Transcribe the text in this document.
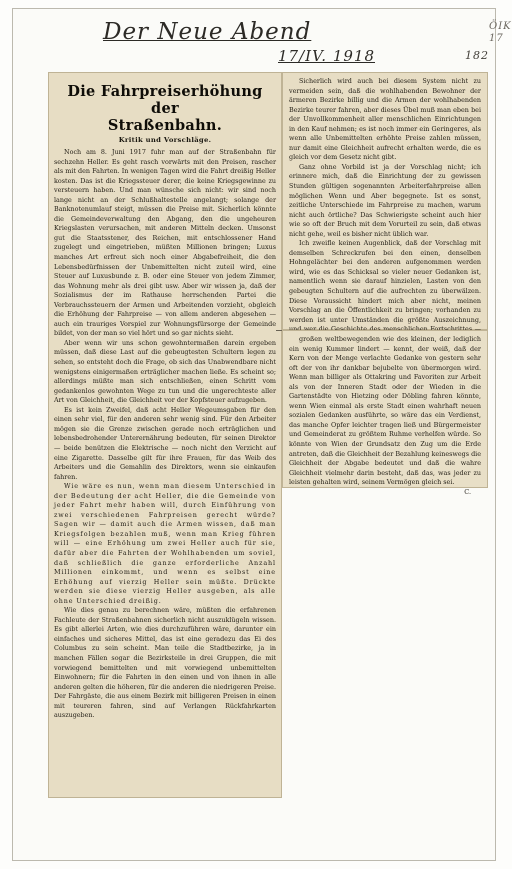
Der Neue Abend
17/IV. 1918	182
ÖIK 17
Die Fahrpreiserhöhung der
Straßenbahn.
Kritik und Vorschläge.

Noch am 8. Juni 1917 fuhr man auf der Straßenbahn für sechzehn Heller. Es geht rasch vorwärts mit den Preisen, rascher als mit den Fahrten. In wenigen Tagen wird die Fahrt dreißig Heller kosten. Das ist die Kriegssteuer derer, die keine Kriegsgewinne zu versteuern haben. Und man wünsche sich nicht: wir sind noch lange nicht an der Schlußhaltestelle angelangt; solange der Banknotenumlauf steigt, müssen die Preise mit. Sicherlich könnte die Gemeindeverwaltung den Abgang, den die ungeheuren Kriegslasten verursachen, mit anderen Mitteln decken. Umsonst gut die Staatsstener, des Reichen, mit entschlossener Hand zugelegt und eingetrieben, müßten Millionen bringen; Luxus manches Art erfreut sich noch einer Abgabefreiheit, die den Lebensbedürfnissen der Unbemittelten nicht zuteil wird, eine Steuer auf Luxusbunde z. B. oder eine Steuer von jedem Zimmer, das Wohnung mehr als drei gibt usw. Aber wir wissen ja, daß der Sozialismus der im Rathause herrschenden Partei die Verbrauchssteuern der Armen und Arbeitenden vorzieht, obgleich die Erhöhung der Fahrpreise — von allem anderen abgesehen — auch ein trauriges Vorspiel zur Wohnungsfürsorge der Gemeinde bildet, von der man so viel hört und so gar nichts sieht.

Aber wenn wir uns schon gewohntermaßen darein ergeben müssen, daß diese Last auf die gebeugtesten Schultern legen zu sehen, so entsteht doch die Frage, ob sich das Unabwendbare nicht wenigstens einigermaßen erträglicher machen ließe. Es scheint so; allerdings müßte man sich entschließen, einen Schritt vom gedankenlos gewohnten Wege zu tun und die ungerechteste aller Art von Gleichheit, die Gleichheit vor der Kopfsteuer aufzugeben.

Es ist kein Zweifel, daß acht Heller Wegeumsgaben für den einen sehr viel, für den anderen sehr wenig sind. Für den Arbeiter mögen sie die Grenze zwischen gerade noch erträglichen und lebensbedrohender Unterernährung bedeuten, für seinen Direktor — beide benützen die Elektrische — noch nicht den Verzicht auf eine Zigarette. Dasselbe gilt für ihre Frauen, für das Weib des Arbeiters und die Gemahlin des Direktors, wenn sie einkaufen fahren.

Wie wäre es nun, wenn man diesem Unterschied in der Bedeutung der acht Heller, die die Gemeinde von jeder Fahrt mehr haben will, durch Einführung von zwei verschiedenen Fahrpreisen gerecht würde? Sagen wir — damit auch die Armen wissen, daß man Kriegsfolgen bezahlen muß, wenn man Krieg führen will — eine Erhöhung um zwei Heller auch für sie, dafür aber die Fahrten der Wohlhabenden um soviel, daß schließlich die ganze erforderliche Anzahl Millionen einkommt, und wenn es selbst eine Erhöhung auf vierzig Heller sein müßte. Drückte werden sie diese vierzig Heller ausgeben, als alle ohne Unterschied dreißig.

Wie dies genau zu berechnen wäre, müßten die erfahrenen Fachleute der Straßenbahnen sicherlich nicht auszuklügeln wissen. Es gibt allerlei Arten, wie dies durchzuführen wäre, darunter ein einfaches und sicheres Mittel, das ist eine geradezu das Ei des Columbus zu sein scheint. Man teile die Stadtbezirke, ja in manchen Fällen sogar die Bezirksteile in drei Gruppen, die mit vorwiegend bemittelten und mit vorwiegend unbemittelten Einwohnern; für die Fahrten in den einen und von ihnen in alle anderen gelten die höheren, für die anderen die niedrigeren Preise. Der Fahrgäste, die aus einem Bezirk mit billigeren Preisen in einen mit teureren fahren, sind auf Verlangen Rückfahrkarten auszugeben.

Sicherlich wird auch bei diesem System nicht zu vermeiden sein, daß die wohlhabenden Bewohner der ärmeren Bezirke billig und die Armen der wohlhabenden Bezirke teurer fahren, aber dieses Übel muß man eben bei der Unvollkommenheit aller menschlichen Einrichtungen in den Kauf nehmen; es ist noch immer ein Geringeres, als wenn alle Unbemittelten erhöhte Preise zahlen müssen, nur damit eine Gleichheit aufrecht erhalten werde, die es gleich vor dem Gesetz nicht gibt.

Ganz ohne Vorbild ist ja der Vorschlag nicht; ich erinnere mich, daß die Einrichtung der zu gewissen Stunden gültigen sogenannten Arbeiterfahrpreise allen möglichen Wenn und Aber begegnete. Ist es sonst, zeitliche Unterschiede im Fahrpreise zu machen, warum nicht auch örtliche? Das Schwierigste scheint auch hier wie so oft der Bruch mit dem Vorurteil zu sein, daß etwas nicht gehe, weil es bisher nicht üblich war.

Ich zweifle keinen Augenblick, daß der Vorschlag mit demselben Schreckrufen bei den einen, denselben Hohngelächter bei den anderen aufgenommen werden wird, wie es das Schicksal so vieler neuer Gedanken ist, namentlich wenn sie darauf hinzielen, Lasten von den gebeugten Schultern auf die aufrechten zu überwälzen. Diese Voraussicht hindert mich aber nicht, meinen Vorschlag an die Öffentlichkeit zu bringen; vorhanden zu werden ist unter Umständen die größte Auszeichnung,

großen weltbewegenden wie des kleinen, der lediglich ein wenig Kummer lindert — kennt, der weiß, daß der Kern von der Menge verlachte Gedanke von gestern sehr oft der von ihr dankbar bejubelte von übermorgen wird. Wenn man billiger als Ottakring und Favoriten zur Arbeit als von der Inneren Stadt oder der Wieden in die Gartenstädte von Hietzing oder Döbling fahren könnte, wenn Wien einmal als erste Stadt einen wahrhaft neuen sozialen Gedanken ausführte, so wäre das ein Verdienst, das manche Opfer leichter tragen ließ und Bürgermeister und Gemeinderat zu größtem Ruhme verhelfen würde. So könnte von Wien der Grundsatz den Zug um die Erde antreten, daß die Gleichheit der Bezahlung keineswegs die Gleichheit der Abgabe bedeutet und daß die wahre Gleichheit vielmehr darin besteht, daß das, was jeder zu leisten gehalten wird, seinem Vermögen gleich sei.

C.
